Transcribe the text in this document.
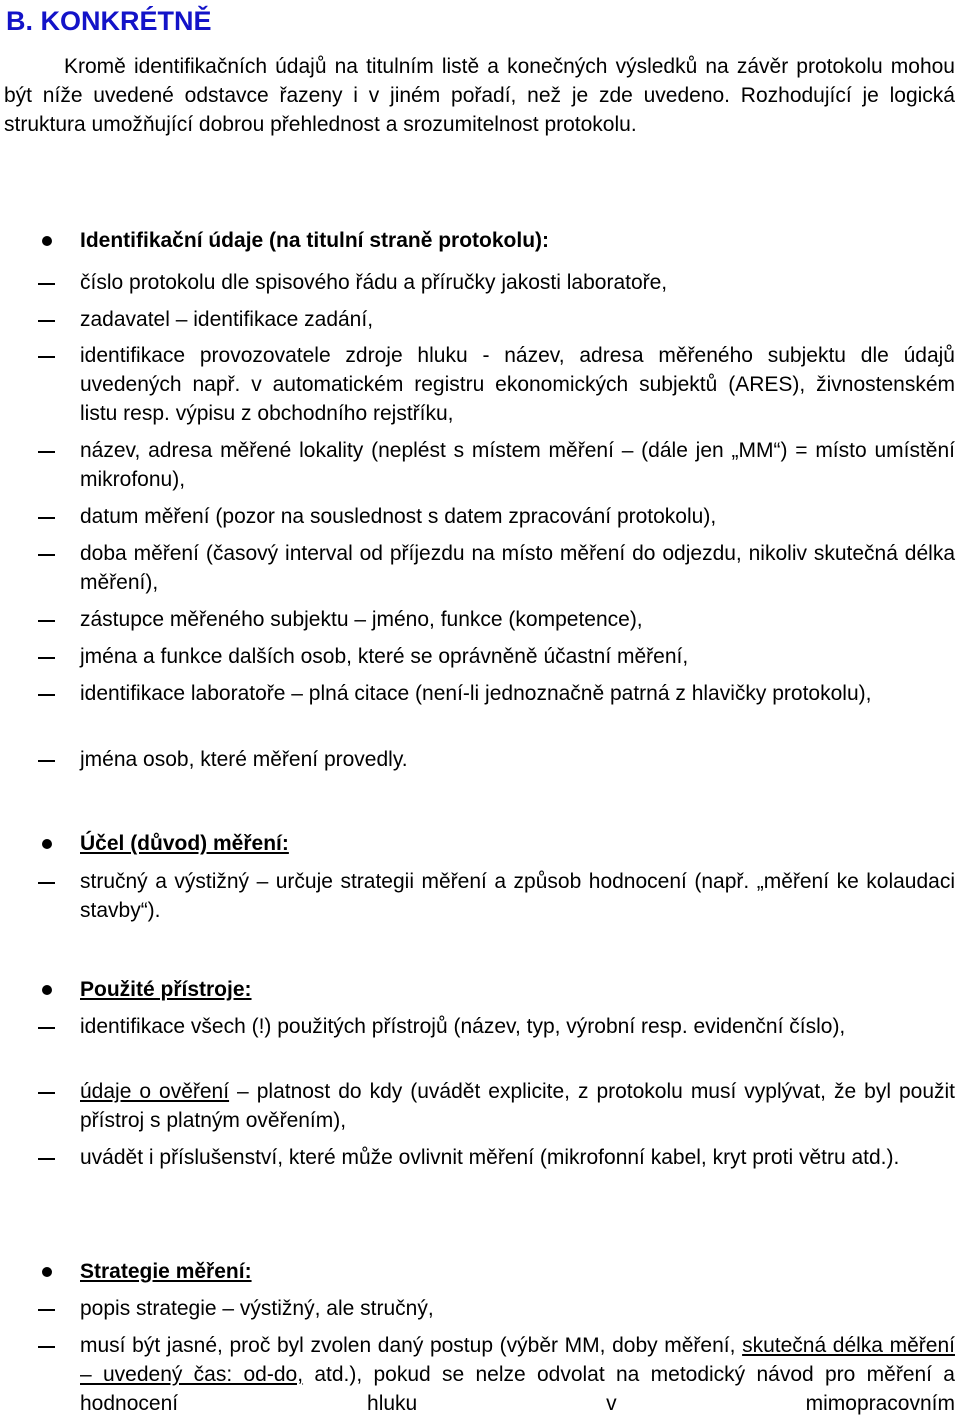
B. KONKRÉTNĚ

Kromě identifikačních údajů na titulním listě a konečných výsledků na závěr protokolu mohou být níže uvedené odstavce řazeny i v jiném pořadí, než je zde uvedeno. Rozhodující je logická struktura umožňující dobrou přehlednost a srozumitelnost protokolu.

Identifikační údaje (na titulní straně protokolu):

číslo protokolu dle spisového řádu a příručky jakosti laboratoře,

zadavatel – identifikace zadání,

identifikace provozovatele zdroje hluku - název, adresa měřeného subjektu dle údajů uvedených např. v automatickém registru ekonomických subjektů (ARES), živnostenském listu resp. výpisu z obchodního rejstříku,

název, adresa měřené lokality (neplést s místem měření – (dále jen „MM“) = místo umístění mikrofonu),

datum měření (pozor na souslednost s datem zpracování protokolu),

doba měření (časový interval od příjezdu na místo měření do odjezdu, nikoliv skutečná délka měření),

zástupce měřeného subjektu – jméno, funkce (kompetence),

jména a funkce dalších osob, které se oprávněně účastní měření,

identifikace laboratoře – plná citace (není-li jednoznačně patrná z hlavičky protokolu),

jména osob, které měření provedly.

Účel (důvod) měření:

stručný a výstižný – určuje strategii měření a způsob hodnocení (např. „měření ke kolaudaci stavby“).

Použité přístroje:

identifikace všech (!) použitých přístrojů (název, typ, výrobní resp. evidenční číslo),

údaje o ověření – platnost do kdy (uvádět explicite, z protokolu musí vyplývat, že byl použit přístroj s platným ověřením),

uvádět i příslušenství, které může ovlivnit měření (mikrofonní kabel, kryt proti větru atd.).

Strategie měření:

popis strategie – výstižný, ale stručný,

musí být jasné, proč byl zvolen daný postup (výběr MM, doby měření, skutečná délka měření – uvedený čas: od-do, atd.), pokud se nelze odvolat na metodický návod pro měření a hodnocení hluku v mimopracovním
